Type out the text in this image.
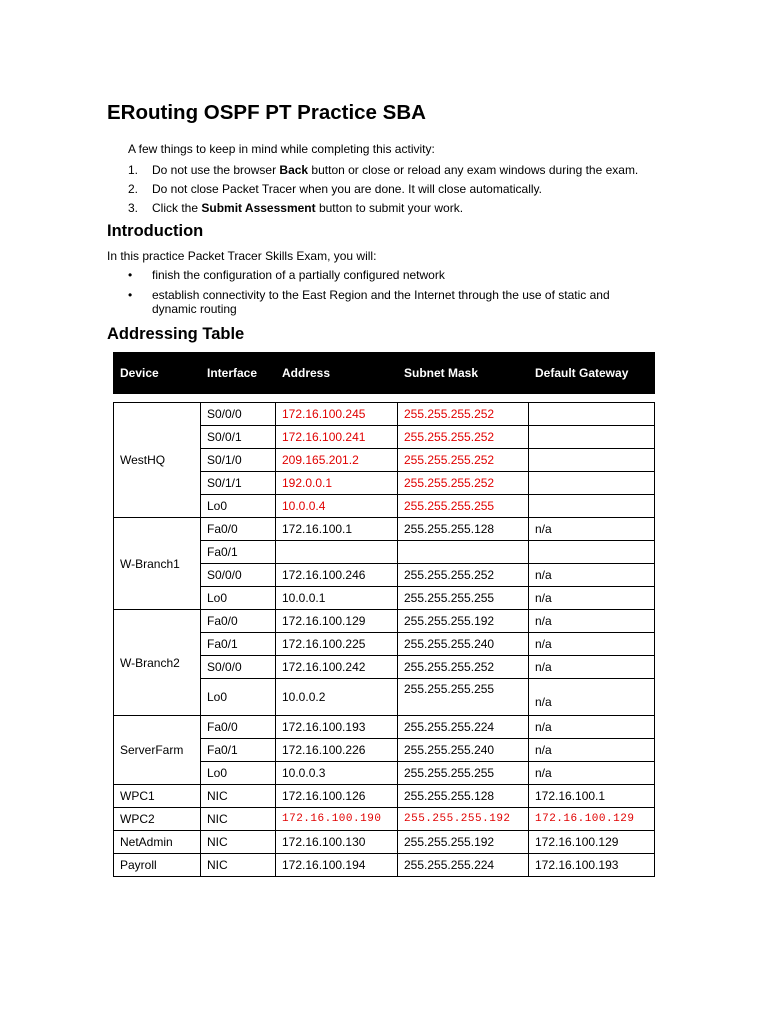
ERouting OSPF PT Practice SBA

A few things to keep in mind while completing this activity:

1. Do not use the browser Back button or close or reload any exam windows during the exam.
2. Do not close Packet Tracer when you are done. It will close automatically.
3. Click the Submit Assessment button to submit your work.
Introduction

In this practice Packet Tracer Skills Exam, you will:

• finish the configuration of a partially configured network
• establish connectivity to the East Region and the Internet through the use of static and dynamic routing
Addressing Table
Device	Interface	Address	Subnet Mask	Default Gateway

WestHQ	S0/0/0	172.16.100.245	255.255.255.252	
	S0/0/1	172.16.100.241	255.255.255.252	
	S0/1/0	209.165.201.2	255.255.255.252	
	S0/1/1	192.0.0.1	255.255.255.252	
	Lo0	10.0.0.4	255.255.255.255	
W-Branch1	Fa0/0	172.16.100.1	255.255.255.128	n/a
	Fa0/1			
	S0/0/0	172.16.100.246	255.255.255.252	n/a
	Lo0	10.0.0.1	255.255.255.255	n/a
W-Branch2	Fa0/0	172.16.100.129	255.255.255.192	n/a
	Fa0/1	172.16.100.225	255.255.255.240	n/a
	S0/0/0	172.16.100.242	255.255.255.252	n/a
	Lo0	10.0.0.2	255.255.255.255	n/a
ServerFarm	Fa0/0	172.16.100.193	255.255.255.224	n/a
	Fa0/1	172.16.100.226	255.255.255.240	n/a
	Lo0	10.0.0.3	255.255.255.255	n/a
WPC1	NIC	172.16.100.126	255.255.255.128	172.16.100.1
WPC2	NIC	172.16.100.190	255.255.255.192	172.16.100.129
NetAdmin	NIC	172.16.100.130	255.255.255.192	172.16.100.129
Payroll	NIC	172.16.100.194	255.255.255.224	172.16.100.193
